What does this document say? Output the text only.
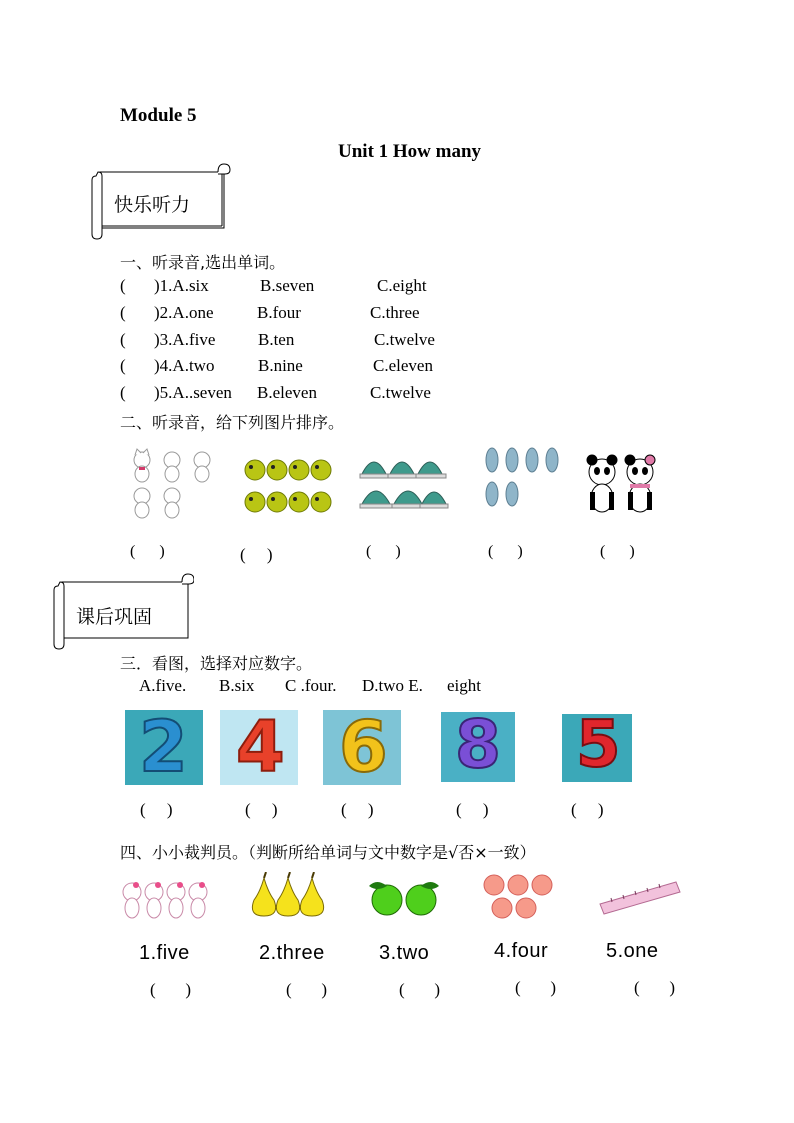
Module 5
Unit 1 How many
快乐听力
一、听录音,选出单词。
( )1.A.six	B.seven	C.eight
( )2.A.one	B.four	C.three
( )3.A.five	B.ten	C.twelve
( )4.A.two	B.nine	C.eleven
( )5.A..seven B.eleven	C.twelve
二、听录音，给下列图片排序。
(      )	(     )	(      )	(      )	(      )
课后巩固
三．看图，选择对应数字。
A.five. B.six C .four. D.two E. eight
2 4 6 8 5
(     )	(     )	(     )	(     )	(     )
四、小小裁判员。（判断所给单词与文中数字是√否×一致）
1.five	2.three	3.two	4.four	5.one
(       )	(       )	(       )	(       )	(       )
